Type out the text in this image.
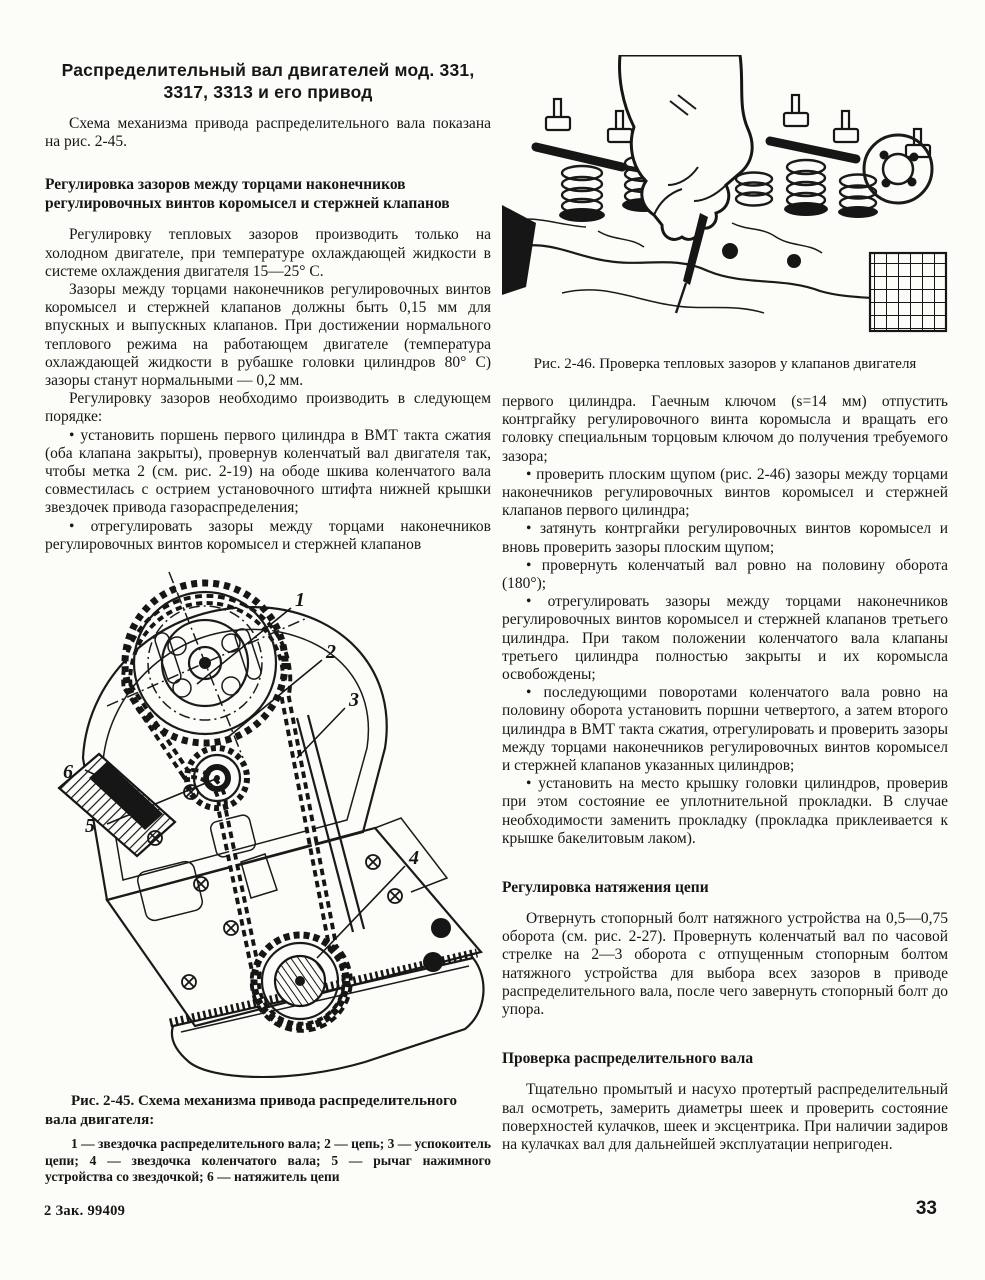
Распределительный вал двигателей мод. 331, 3317, 3313 и его привод

Схема механизма привода распределительного вала показана на рис. 2-45.

Регулировка зазоров между торцами наконечников регулировочных винтов коромысел и стержней клапанов

Регулировку тепловых зазоров производить только на холодном двигателе, при температуре охлаждающей жидкости в системе охлаждения двигателя 15—25° С.

Зазоры между торцами наконечников регулировочных винтов коромысел и стержней клапанов должны быть 0,15 мм для впускных и выпускных клапанов. При достижении нормального теплового режима на работающем двигателе (температура охлаждающей жидкости в рубашке головки цилиндров 80° С) зазоры станут нормальными — 0,2 мм.

Регулировку зазоров необходимо производить в следующем порядке:

• установить поршень первого цилиндра в ВМТ такта сжатия (оба клапана закрыты), провернув коленчатый вал двигателя так, чтобы метка 2 (см. рис. 2-19) на ободе шкива коленчатого вала совместилась с острием установочного штифта нижней крышки звездочек привода газораспределения;

• отрегулировать зазоры между торцами наконечников регулировочных винтов коромысел и стержней клапанов

1
2
3
4
5
6
Рис. 2-45. Схема механизма привода распределительного вала двигателя:
1 — звездочка распределительного вала; 2 — цепь; 3 — успокоитель цепи; 4 — звездочка коленчатого вала; 5 — рычаг нажимного устройства со звездочкой; 6 — натяжитель цепи
Рис. 2-46. Проверка тепловых зазоров у клапанов двигателя

первого цилиндра. Гаечным ключом (s=14 мм) отпустить контргайку регулировочного винта коромысла и вращать его головку специальным торцовым ключом до получения требуемого зазора;

• проверить плоским щупом (рис. 2-46) зазоры между торцами наконечников регулировочных винтов коромысел и стержней клапанов первого цилиндра;

• затянуть контргайки регулировочных винтов коромысел и вновь проверить зазоры плоским щупом;

• провернуть коленчатый вал ровно на половину оборота (180°);

• отрегулировать зазоры между торцами наконечников регулировочных винтов коромысел и стержней клапанов третьего цилиндра. При таком положении коленчатого вала клапаны третьего цилиндра полностью закрыты и их коромысла освобождены;

• последующими поворотами коленчатого вала ровно на половину оборота установить поршни четвертого, а затем второго цилиндра в ВМТ такта сжатия, отрегулировать и проверить зазоры между торцами наконечников регулировочных винтов коромысел и стержней клапанов указанных цилиндров;

• установить на место крышку головки цилиндров, проверив при этом состояние ее уплотнительной прокладки. В случае необходимости заменить прокладку (прокладка приклеивается к крышке бакелитовым лаком).

Регулировка натяжения цепи

Отвернуть стопорный болт натяжного устройства на 0,5—0,75 оборота (см. рис. 2-27). Провернуть коленчатый вал по часовой стрелке на 2—3 оборота с отпущенным стопорным болтом натяжного устройства для выбора всех зазоров в приводе распределительного вала, после чего завернуть стопорный болт до упора.

Проверка распределительного вала

Тщательно промытый и насухо протертый распределительный вал осмотреть, замерить диаметры шеек и проверить состояние поверхностей кулачков, шеек и эксцентрика. При наличии задиров на кулачках вал для дальнейшей эксплуатации непригоден.

2 Зак. 99409	33
